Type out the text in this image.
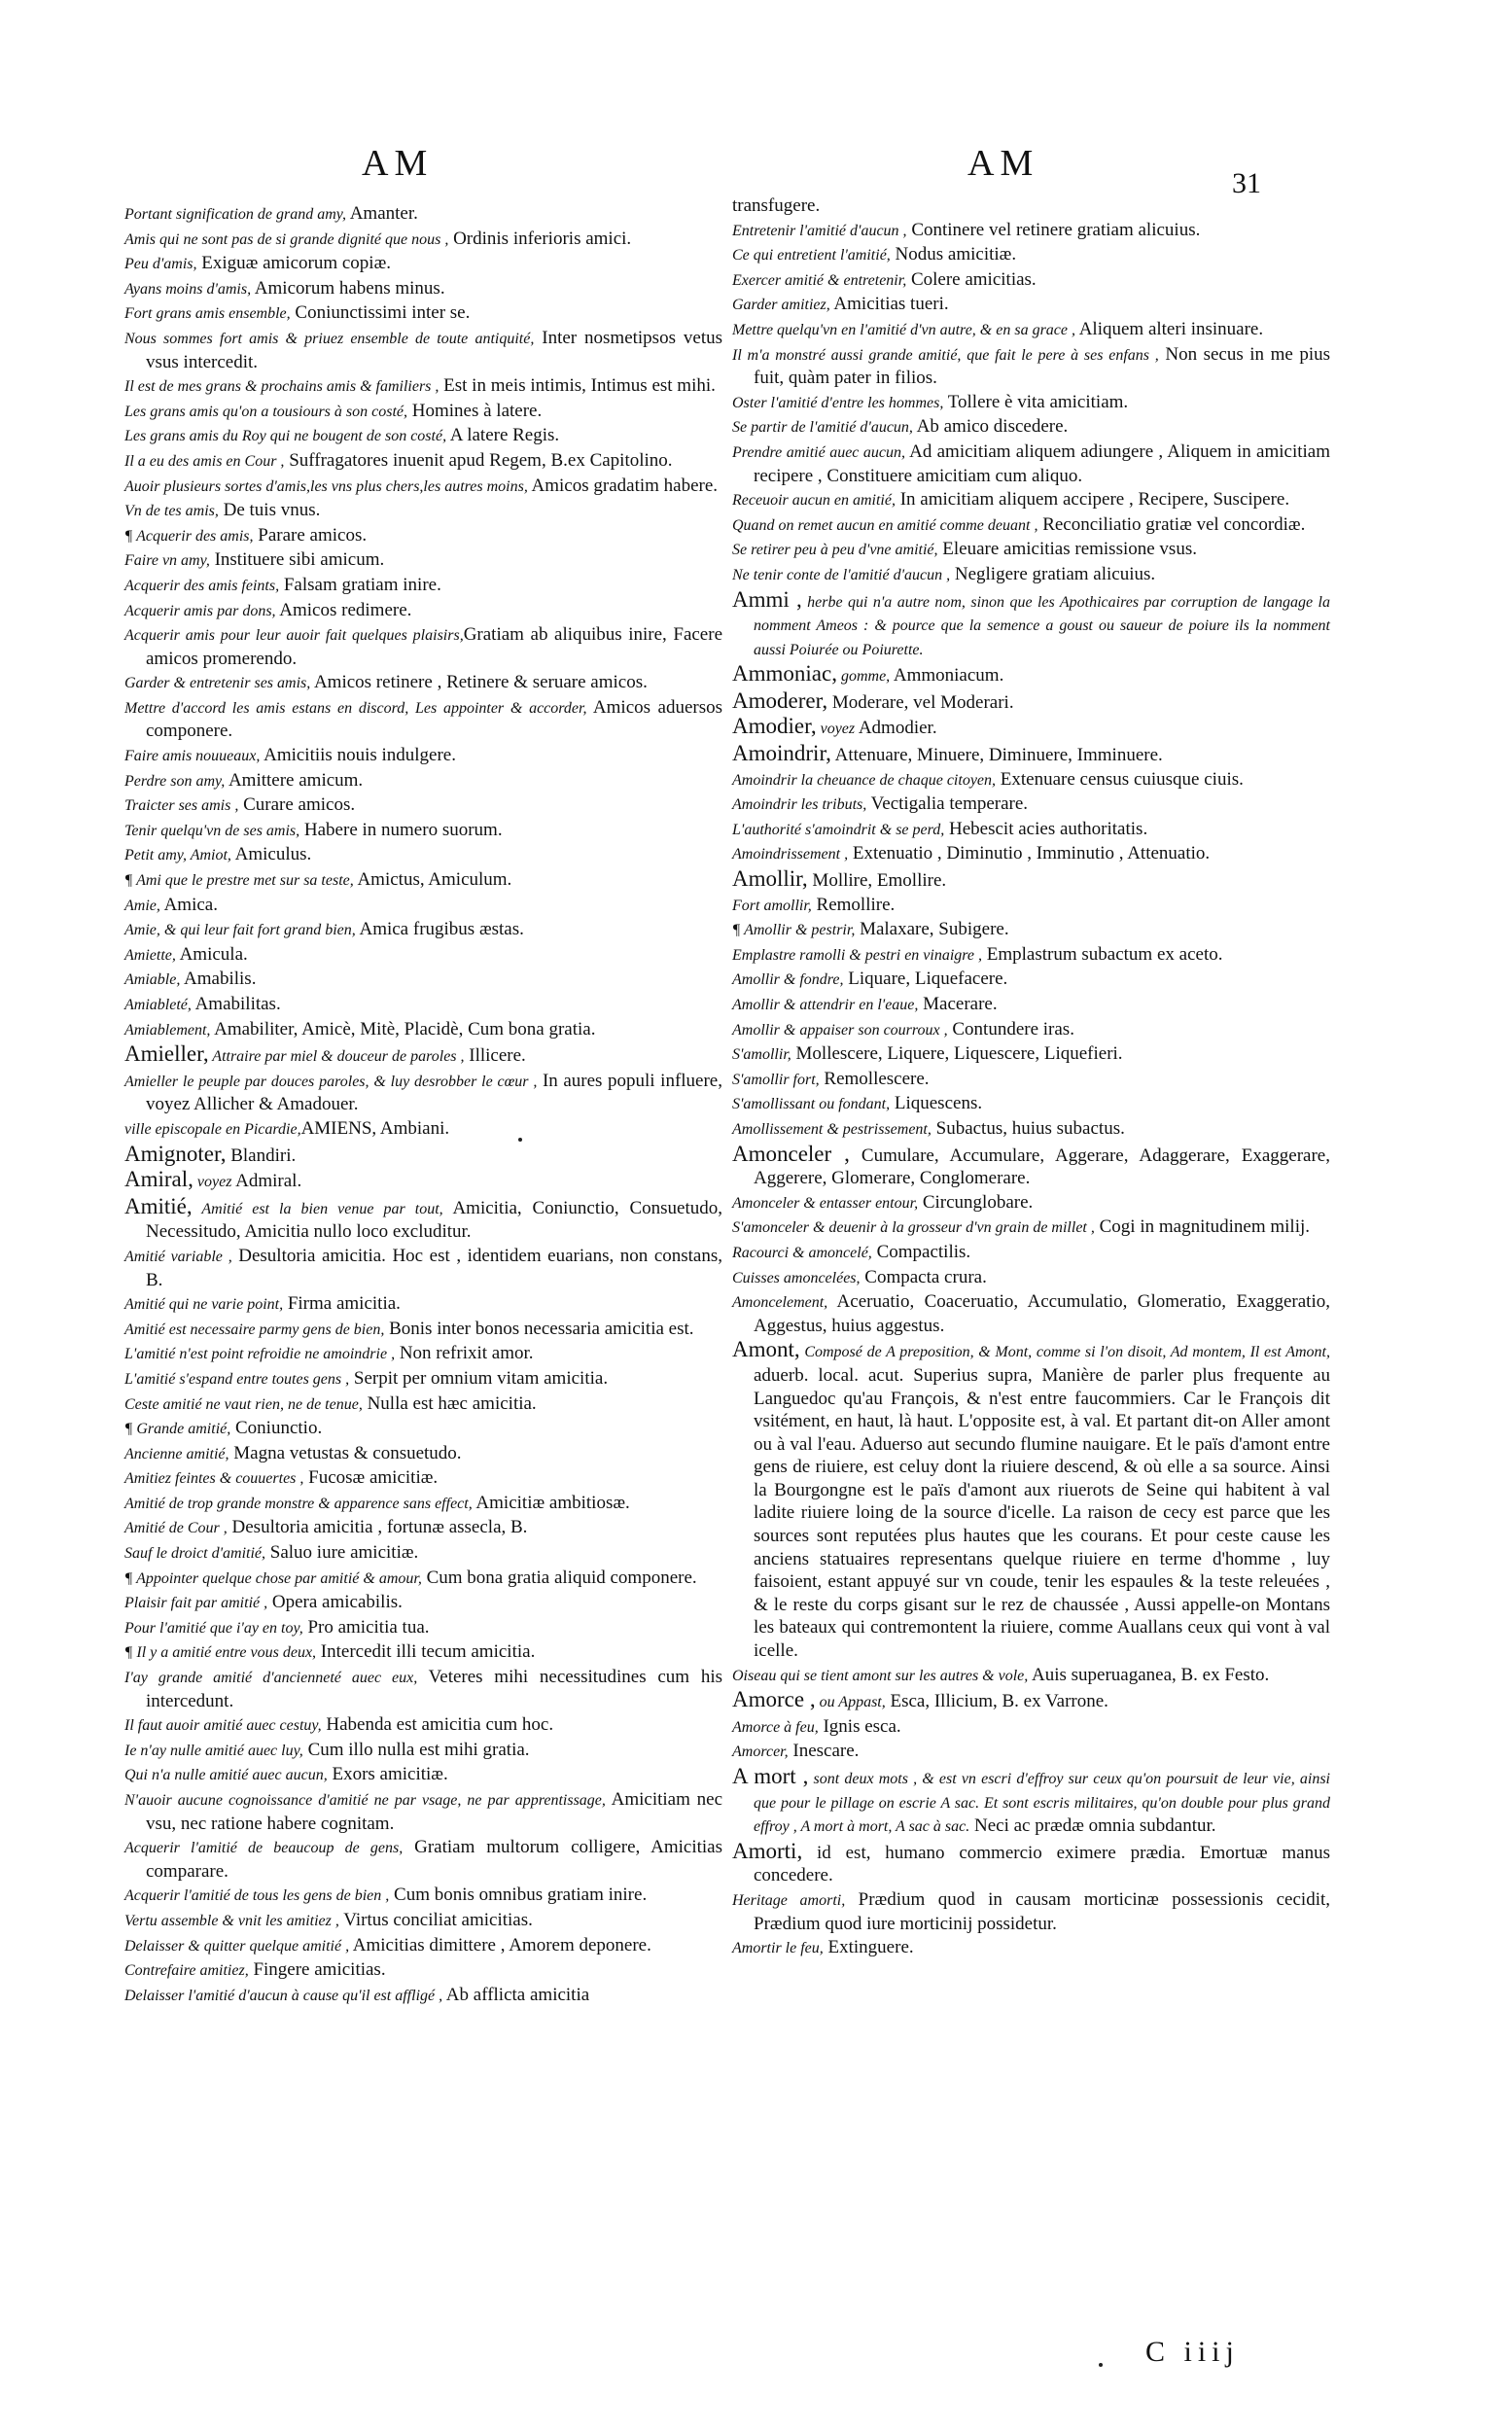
AM	AM	31

Portant signification de grand amy, Amanter.

Amis qui ne sont pas de si grande dignité que nous , Ordinis inferioris amici.

Peu d'amis, Exiguæ amicorum copiæ.

Ayans moins d'amis, Amicorum habens minus.

Fort grans amis ensemble, Coniunctissimi inter se.

Nous sommes fort amis & priuez ensemble de toute antiquité, Inter nosmetipsos vetus vsus intercedit.

Il est de mes grans & prochains amis & familiers , Est in meis intimis, Intimus est mihi.

Les grans amis qu'on a tousiours à son costé, Homines à latere.

Les grans amis du Roy qui ne bougent de son costé, A latere Regis.

Il a eu des amis en Cour , Suffragatores inuenit apud Regem, B.ex Capitolino.

Auoir plusieurs sortes d'amis,les vns plus chers,les autres moins, Amicos gradatim habere.

Vn de tes amis, De tuis vnus.

¶ Acquerir des amis, Parare amicos.

Faire vn amy, Instituere sibi amicum.

Acquerir des amis feints, Falsam gratiam inire.

Acquerir amis par dons, Amicos redimere.

Acquerir amis pour leur auoir fait quelques plaisirs,Gratiam ab aliquibus inire, Facere amicos promerendo.

Garder & entretenir ses amis, Amicos retinere , Retinere & seruare amicos.

Mettre d'accord les amis estans en discord, Les appointer & accorder, Amicos aduersos componere.

Faire amis nouueaux, Amicitiis nouis indulgere.

Perdre son amy, Amittere amicum.

Traicter ses amis , Curare amicos.

Tenir quelqu'vn de ses amis, Habere in numero suorum.

Petit amy, Amiot, Amiculus.

¶ Ami que le prestre met sur sa teste, Amictus, Amiculum.

Amie, Amica.

Amie, & qui leur fait fort grand bien, Amica frugibus æstas.

Amiette, Amicula.

Amiable, Amabilis.

Amiableté, Amabilitas.

Amiablement, Amabiliter, Amicè, Mitè, Placidè, Cum bona gratia.

Amieller, Attraire par miel & douceur de paroles , Illicere.

Amieller le peuple par douces paroles, & luy desrobber le cœur , In aures populi influere, voyez Allicher & Amadouer.

ville episcopale en Picardie,AMIENS, Ambiani.

Amignoter, Blandiri.

Amiral, voyez Admiral.

Amitié, Amitié est la bien venue par tout, Amicitia, Coniunctio, Consuetudo, Necessitudo, Amicitia nullo loco excluditur.

Amitié variable , Desultoria amicitia. Hoc est , identidem euarians, non constans, B.

Amitié qui ne varie point, Firma amicitia.

Amitié est necessaire parmy gens de bien, Bonis inter bonos necessaria amicitia est.

L'amitié n'est point refroidie ne amoindrie , Non refrixit amor.

L'amitié s'espand entre toutes gens , Serpit per omnium vitam amicitia.

Ceste amitié ne vaut rien, ne de tenue, Nulla est hæc amicitia.

¶ Grande amitié, Coniunctio.

Ancienne amitié, Magna vetustas & consuetudo.

Amitiez feintes & couuertes , Fucosæ amicitiæ.

Amitié de trop grande monstre & apparence sans effect, Amicitiæ ambitiosæ.

Amitié de Cour , Desultoria amicitia , fortunæ assecla, B.

Sauf le droict d'amitié, Saluo iure amicitiæ.

¶ Appointer quelque chose par amitié & amour, Cum bona gratia aliquid componere.

Plaisir fait par amitié , Opera amicabilis.

Pour l'amitié que i'ay en toy, Pro amicitia tua.

¶ Il y a amitié entre vous deux, Intercedit illi tecum amicitia.

I'ay grande amitié d'ancienneté auec eux, Veteres mihi necessitudines cum his intercedunt.

Il faut auoir amitié auec cestuy, Habenda est amicitia cum hoc.

Ie n'ay nulle amitié auec luy, Cum illo nulla est mihi gratia.

Qui n'a nulle amitié auec aucun, Exors amicitiæ.

N'auoir aucune cognoissance d'amitié ne par vsage, ne par apprentissage, Amicitiam nec vsu, nec ratione habere cognitam.

Acquerir l'amitié de beaucoup de gens, Gratiam multorum colligere, Amicitias comparare.

Acquerir l'amitié de tous les gens de bien , Cum bonis omnibus gratiam inire.

Vertu assemble & vnit les amitiez , Virtus conciliat amicitias.

Delaisser & quitter quelque amitié , Amicitias dimittere , Amorem deponere.

Contrefaire amitiez, Fingere amicitias.

Delaisser l'amitié d'aucun à cause qu'il est affligé , Ab afflicta amicitia

transfugere.

Entretenir l'amitié d'aucun , Continere vel retinere gratiam alicuius.

Ce qui entretient l'amitié, Nodus amicitiæ.

Exercer amitié & entretenir, Colere amicitias.

Garder amitiez, Amicitias tueri.

Mettre quelqu'vn en l'amitié d'vn autre, & en sa grace , Aliquem alteri insinuare.

Il m'a monstré aussi grande amitié, que fait le pere à ses enfans , Non secus in me pius fuit, quàm pater in filios.

Oster l'amitié d'entre les hommes, Tollere è vita amicitiam.

Se partir de l'amitié d'aucun, Ab amico discedere.

Prendre amitié auec aucun, Ad amicitiam aliquem adiungere , Aliquem in amicitiam recipere , Constituere amicitiam cum aliquo.

Receuoir aucun en amitié, In amicitiam aliquem accipere , Recipere, Suscipere.

Quand on remet aucun en amitié comme deuant , Reconciliatio gratiæ vel concordiæ.

Se retirer peu à peu d'vne amitié, Eleuare amicitias remissione vsus.

Ne tenir conte de l'amitié d'aucun , Negligere gratiam alicuius.

Ammi , herbe qui n'a autre nom, sinon que les Apothicaires par corruption de langage la nomment Ameos : & pource que la semence a goust ou saueur de poiure ils la nomment aussi Poiurée ou Poiurette.

Ammoniac, gomme, Ammoniacum.

Amoderer, Moderare, vel Moderari.

Amodier, voyez Admodier.

Amoindrir, Attenuare, Minuere, Diminuere, Imminuere.

Amoindrir la cheuance de chaque citoyen, Extenuare census cuiusque ciuis.

Amoindrir les tributs, Vectigalia temperare.

L'authorité s'amoindrit & se perd, Hebescit acies authoritatis.

Amoindrissement , Extenuatio , Diminutio , Imminutio , Attenuatio.

Amollir, Mollire, Emollire.

Fort amollir, Remollire.

¶ Amollir & pestrir, Malaxare, Subigere.

Emplastre ramolli & pestri en vinaigre , Emplastrum subactum ex aceto.

Amollir & fondre, Liquare, Liquefacere.

Amollir & attendrir en l'eaue, Macerare.

Amollir & appaiser son courroux , Contundere iras.

S'amollir, Mollescere, Liquere, Liquescere, Liquefieri.

S'amollir fort, Remollescere.

S'amollissant ou fondant, Liquescens.

Amollissement & pestrissement, Subactus, huius subactus.

Amonceler , Cumulare, Accumulare, Aggerare, Adaggerare, Exaggerare, Aggerere, Glomerare, Conglomerare.

Amonceler & entasser entour, Circunglobare.

S'amonceler & deuenir à la grosseur d'vn grain de millet , Cogi in magnitudinem milij.

Racourci & amoncelé, Compactilis.

Cuisses amoncelées, Compacta crura.

Amoncelement, Aceruatio, Coaceruatio, Accumulatio, Glomeratio, Exaggeratio, Aggestus, huius aggestus.

Amont, Composé de A preposition, & Mont, comme si l'on disoit, Ad montem, Il est Amont, aduerb. local. acut. Superius supra, Manière de parler plus frequente au Languedoc qu'au François, & n'est entre faucommiers. Car le François dit vsitément, en haut, là haut. L'opposite est, à val. Et partant dit-on Aller amont ou à val l'eau. Aduerso aut secundo flumine nauigare. Et le païs d'amont entre gens de riuiere, est celuy dont la riuiere descend, & où elle a sa source. Ainsi la Bourgongne est le païs d'amont aux riuerots de Seine qui habitent à val ladite riuiere loing de la source d'icelle. La raison de cecy est parce que les sources sont reputées plus hautes que les courans. Et pour ceste cause les anciens statuaires representans quelque riuiere en terme d'homme , luy faisoient, estant appuyé sur vn coude, tenir les espaules & la teste releuées , & le reste du corps gisant sur le rez de chaussée , Aussi appelle-on Montans les bateaux qui contremontent la riuiere, comme Auallans ceux qui vont à val icelle.

Oiseau qui se tient amont sur les autres & vole, Auis superuaganea, B. ex Festo.

Amorce , ou Appast, Esca, Illicium, B. ex Varrone.

Amorce à feu, Ignis esca.

Amorcer, Inescare.

A mort , sont deux mots , & est vn escri d'effroy sur ceux qu'on poursuit de leur vie, ainsi que pour le pillage on escrie A sac. Et sont escris militaires, qu'on double pour plus grand effroy , A mort à mort, A sac à sac. Neci ac prædæ omnia subdantur.

Amorti, id est, humano commercio eximere prædia. Emortuæ manus concedere.

Heritage amorti, Prædium quod in causam morticinæ possessionis cecidit, Prædium quod iure morticinij possidetur.

Amortir le feu, Extinguere.

C iiij
